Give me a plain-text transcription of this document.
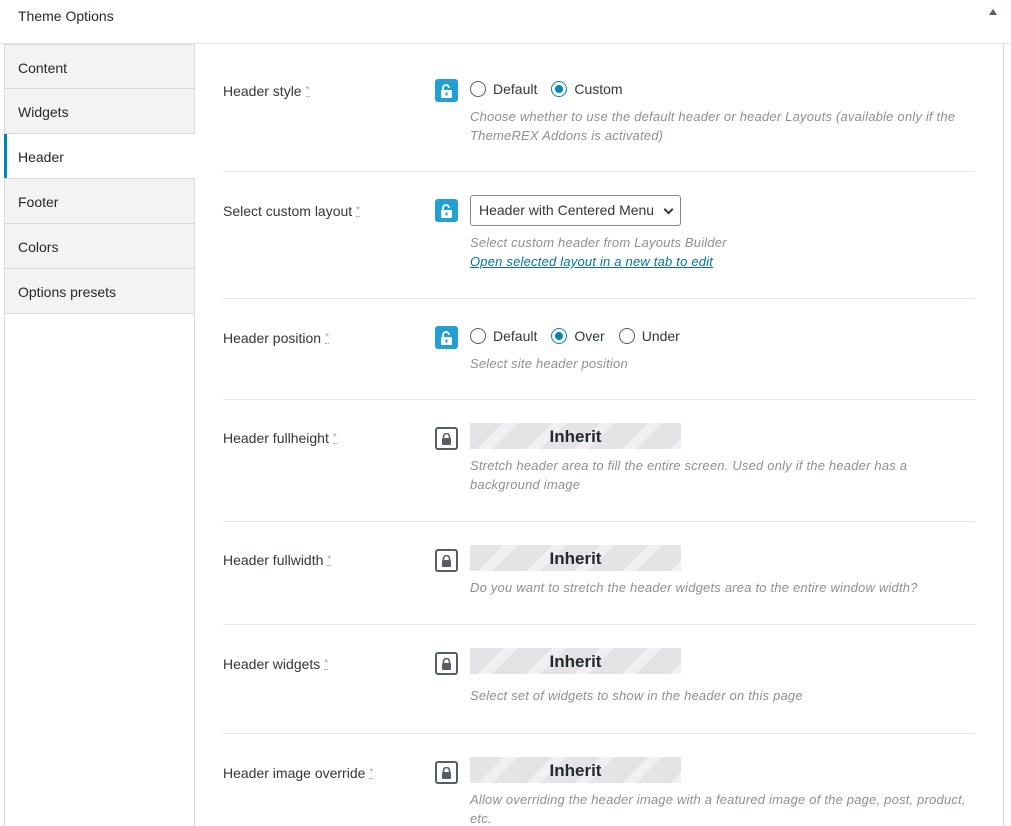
Theme Options
Content
Widgets
Header
Footer
Colors
Options presets
Header style *	Default	Custom
Choose whether to use the default header or header Layouts (available only if the ThemeREX Addons is activated)
Select custom layout *	Header with Centered Menu
Select custom header from Layouts Builder
Open selected layout in a new tab to edit
Header position *	Default	Over	Under
Select site header position
Header fullheight *	Inherit
Stretch header area to fill the entire screen. Used only if the header has a background image
Header fullwidth *	Inherit
Do you want to stretch the header widgets area to the entire window width?
Header widgets *	Inherit
Select set of widgets to show in the header on this page
Header image override *	Inherit
Allow overriding the header image with a featured image of the page, post, product, etc.
